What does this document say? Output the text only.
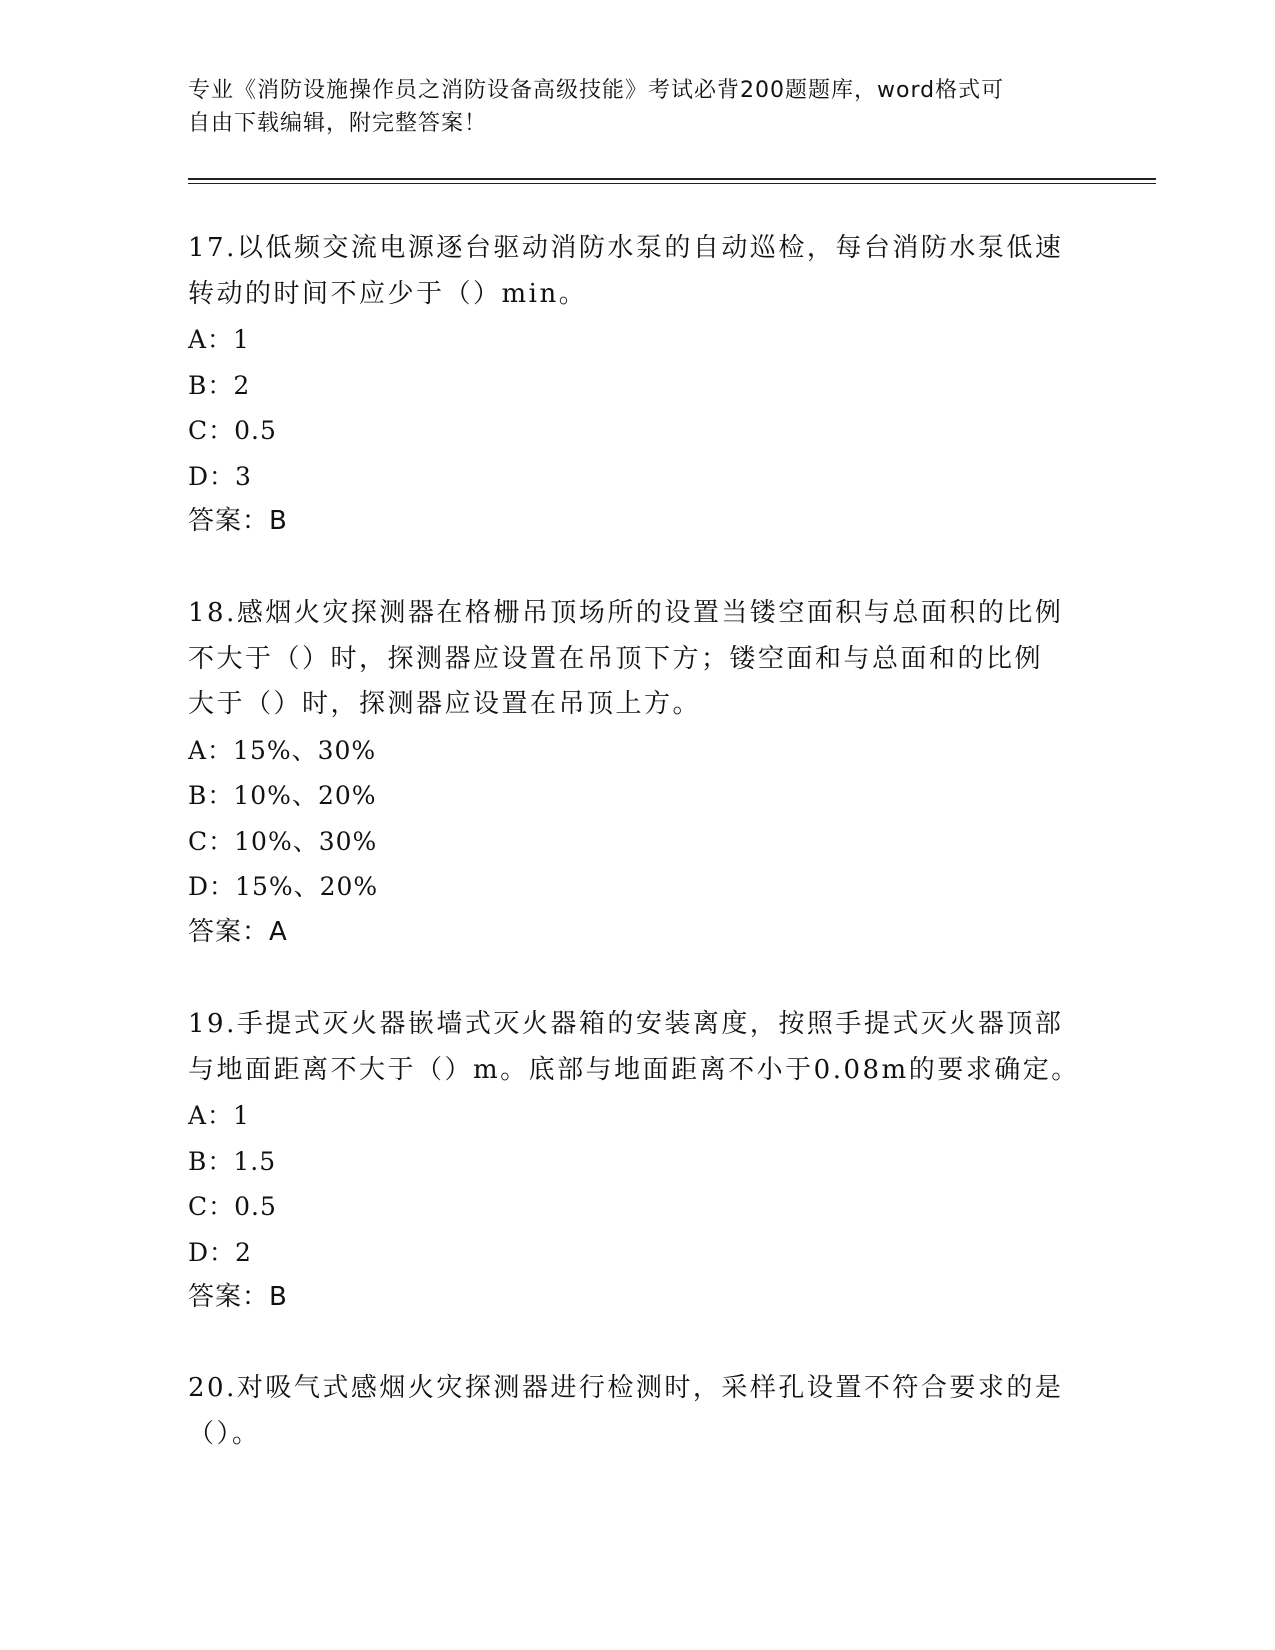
专业《消防设施操作员之消防设备高级技能》考试必背200题题库，word格式可
自由下载编辑，附完整答案！
17.以低频交流电源逐台驱动消防水泵的自动巡检，每台消防水泵低速
转动的时间不应少于（）min。
A：1
B：2
C：0.5
D：3
答案：B
18.感烟火灾探测器在格栅吊顶场所的设置当镂空面积与总面积的比例
不大于（）时，探测器应设置在吊顶下方；镂空面和与总面和的比例
大于（）时，探测器应设置在吊顶上方。
A：15%、30%
B：10%、20%
C：10%、30%
D：15%、20%
答案：A
19.手提式灭火器嵌墙式灭火器箱的安装离度，按照手提式灭火器顶部
与地面距离不大于（）m。底部与地面距离不小于0.08m的要求确定。
A：1
B：1.5
C：0.5
D：2
答案：B
20.对吸气式感烟火灾探测器进行检测时，采样孔设置不符合要求的是
（）。
